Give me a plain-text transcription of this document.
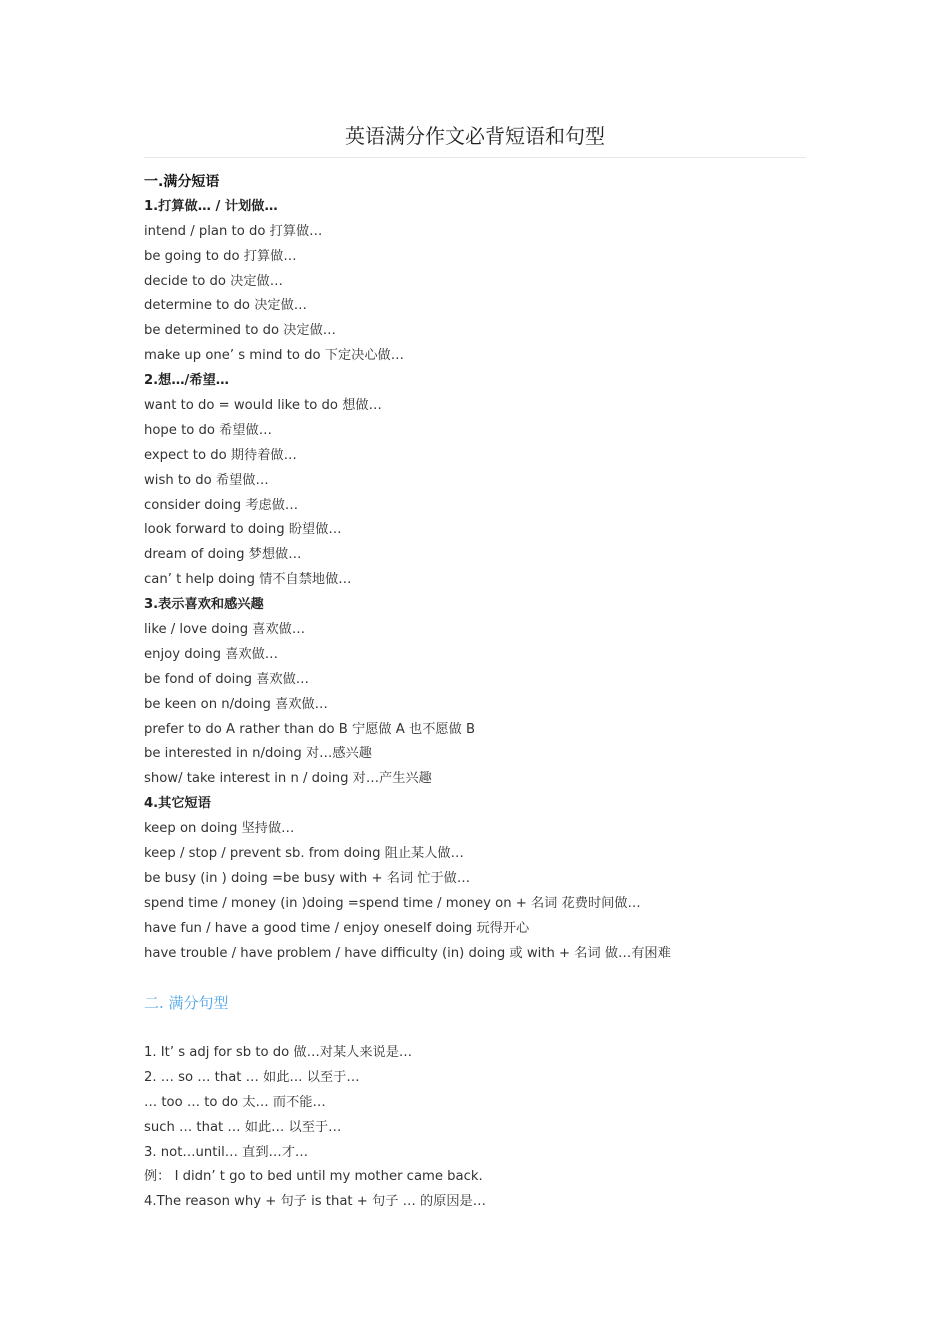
英语满分作文必背短语和句型
一.满分短语
1.打算做… / 计划做…
intend / plan to do 打算做…
be going to do 打算做…
decide to do 决定做…
determine to do 决定做…
be determined to do 决定做…
make up one’ s mind to do 下定决心做…
2.想…/希望…
want to do = would like to do 想做…
hope to do 希望做…
expect to do 期待着做…
wish to do 希望做…
consider doing 考虑做…
look forward to doing 盼望做…
dream of doing 梦想做…
can’ t help doing 情不自禁地做…
3.表示喜欢和感兴趣
like / love doing 喜欢做…
enjoy doing 喜欢做…
be fond of doing 喜欢做…
be keen on n/doing 喜欢做…
prefer to do A rather than do B 宁愿做 A 也不愿做 B
be interested in n/doing 对…感兴趣
show/ take interest in n / doing 对…产生兴趣
4.其它短语
keep on doing 坚持做…
keep / stop / prevent sb. from doing 阻止某人做…
be busy (in ) doing =be busy with + 名词 忙于做…
spend time / money (in )doing =spend time / money on + 名词 花费时间做…
have fun / have a good time / enjoy oneself doing 玩得开心
have trouble / have problem / have difficulty (in) doing 或 with + 名词 做…有困难
二. 满分句型
1. It’ s adj for sb to do 做…对某人来说是…
2. … so … that … 如此… 以至于…
… too … to do 太… 而不能…
such … that … 如此… 以至于…
3. not…until… 直到…才…
例： I didn’ t go to bed until my mother came back.
4.The reason why + 句子 is that + 句子 … 的原因是…
